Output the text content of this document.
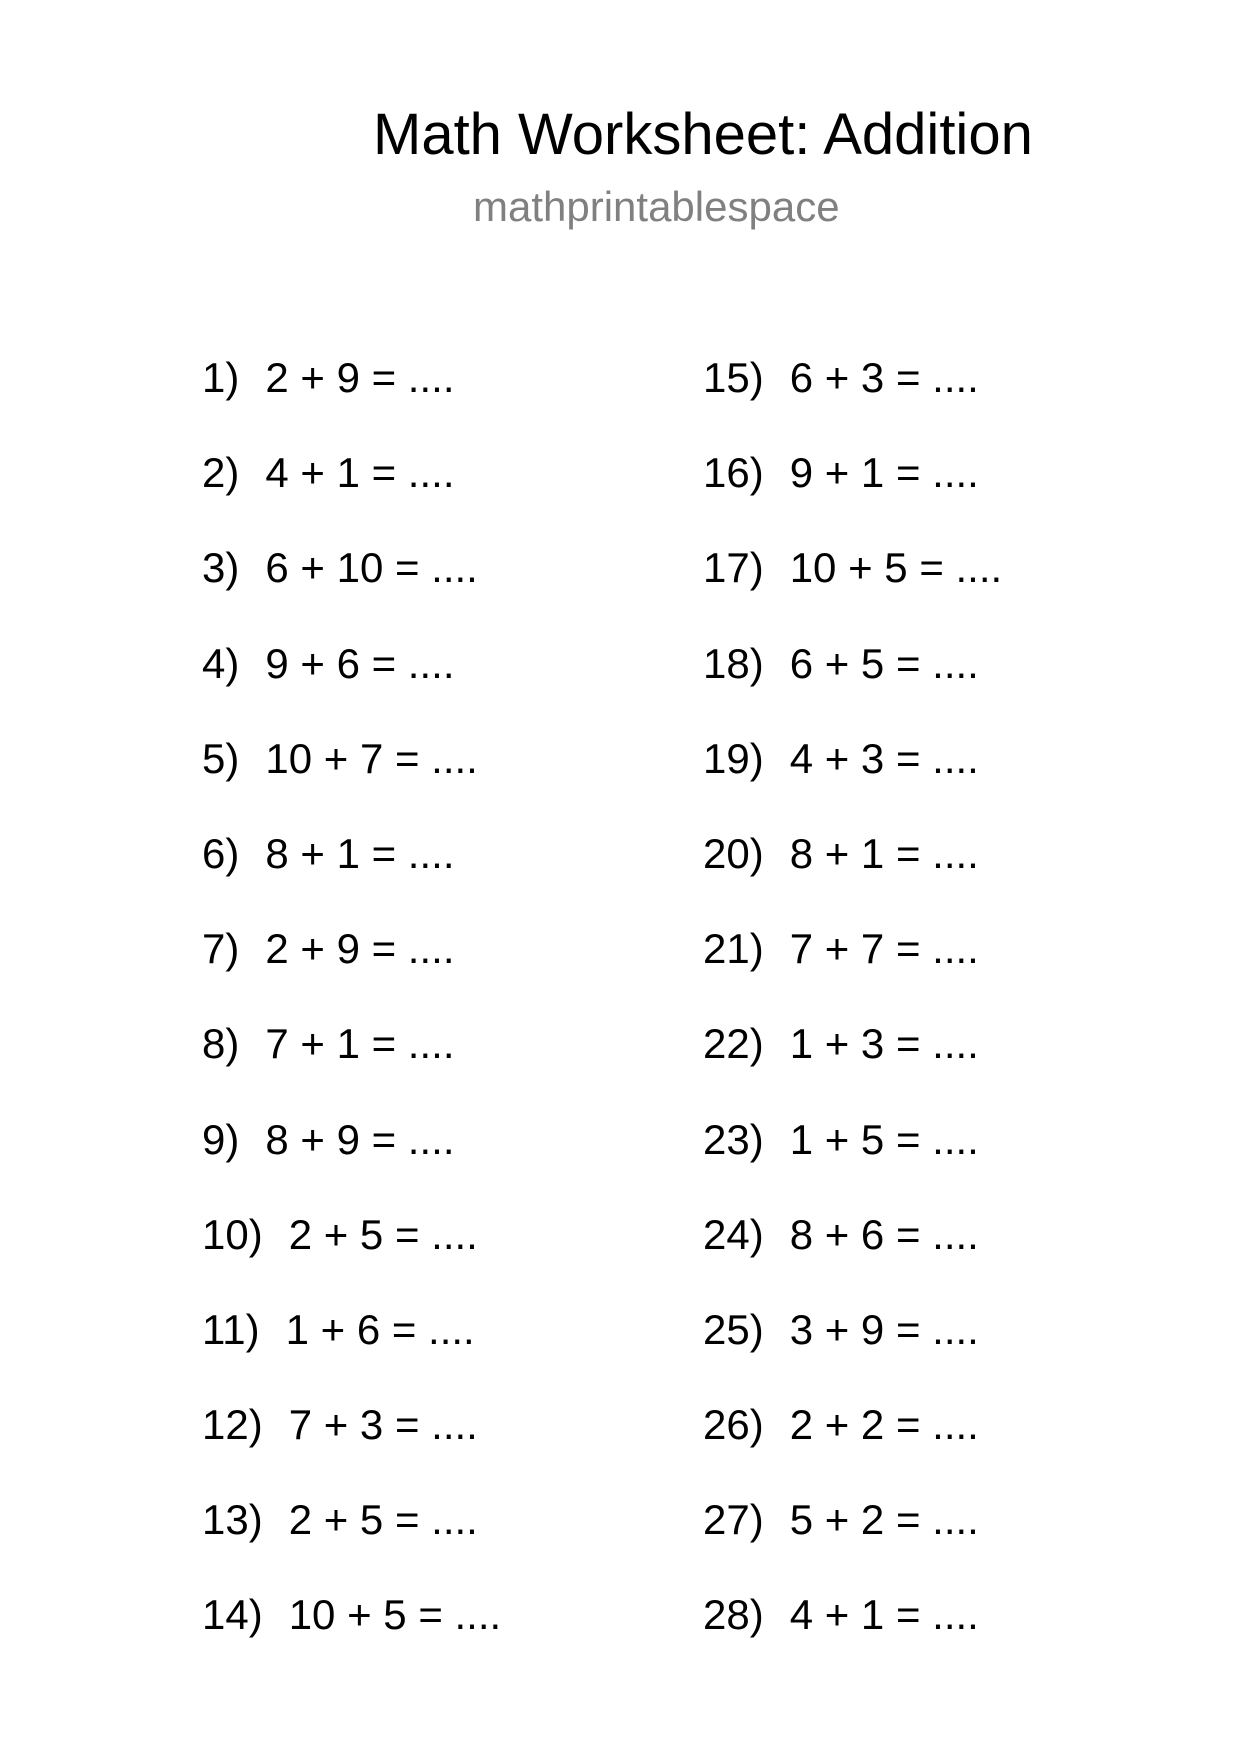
Math Worksheet: Addition
mathprintablespace
1) 2 + 9 = ....
2) 4 + 1 = ....
3) 6 + 10 = ....
4) 9 + 6 = ....
5) 10 + 7 = ....
6) 8 + 1 = ....
7) 2 + 9 = ....
8) 7 + 1 = ....
9) 8 + 9 = ....
10) 2 + 5 = ....
11) 1 + 6 = ....
12) 7 + 3 = ....
13) 2 + 5 = ....
14) 10 + 5 = ....
15) 6 + 3 = ....
16) 9 + 1 = ....
17) 10 + 5 = ....
18) 6 + 5 = ....
19) 4 + 3 = ....
20) 8 + 1 = ....
21) 7 + 7 = ....
22) 1 + 3 = ....
23) 1 + 5 = ....
24) 8 + 6 = ....
25) 3 + 9 = ....
26) 2 + 2 = ....
27) 5 + 2 = ....
28) 4 + 1 = ....
